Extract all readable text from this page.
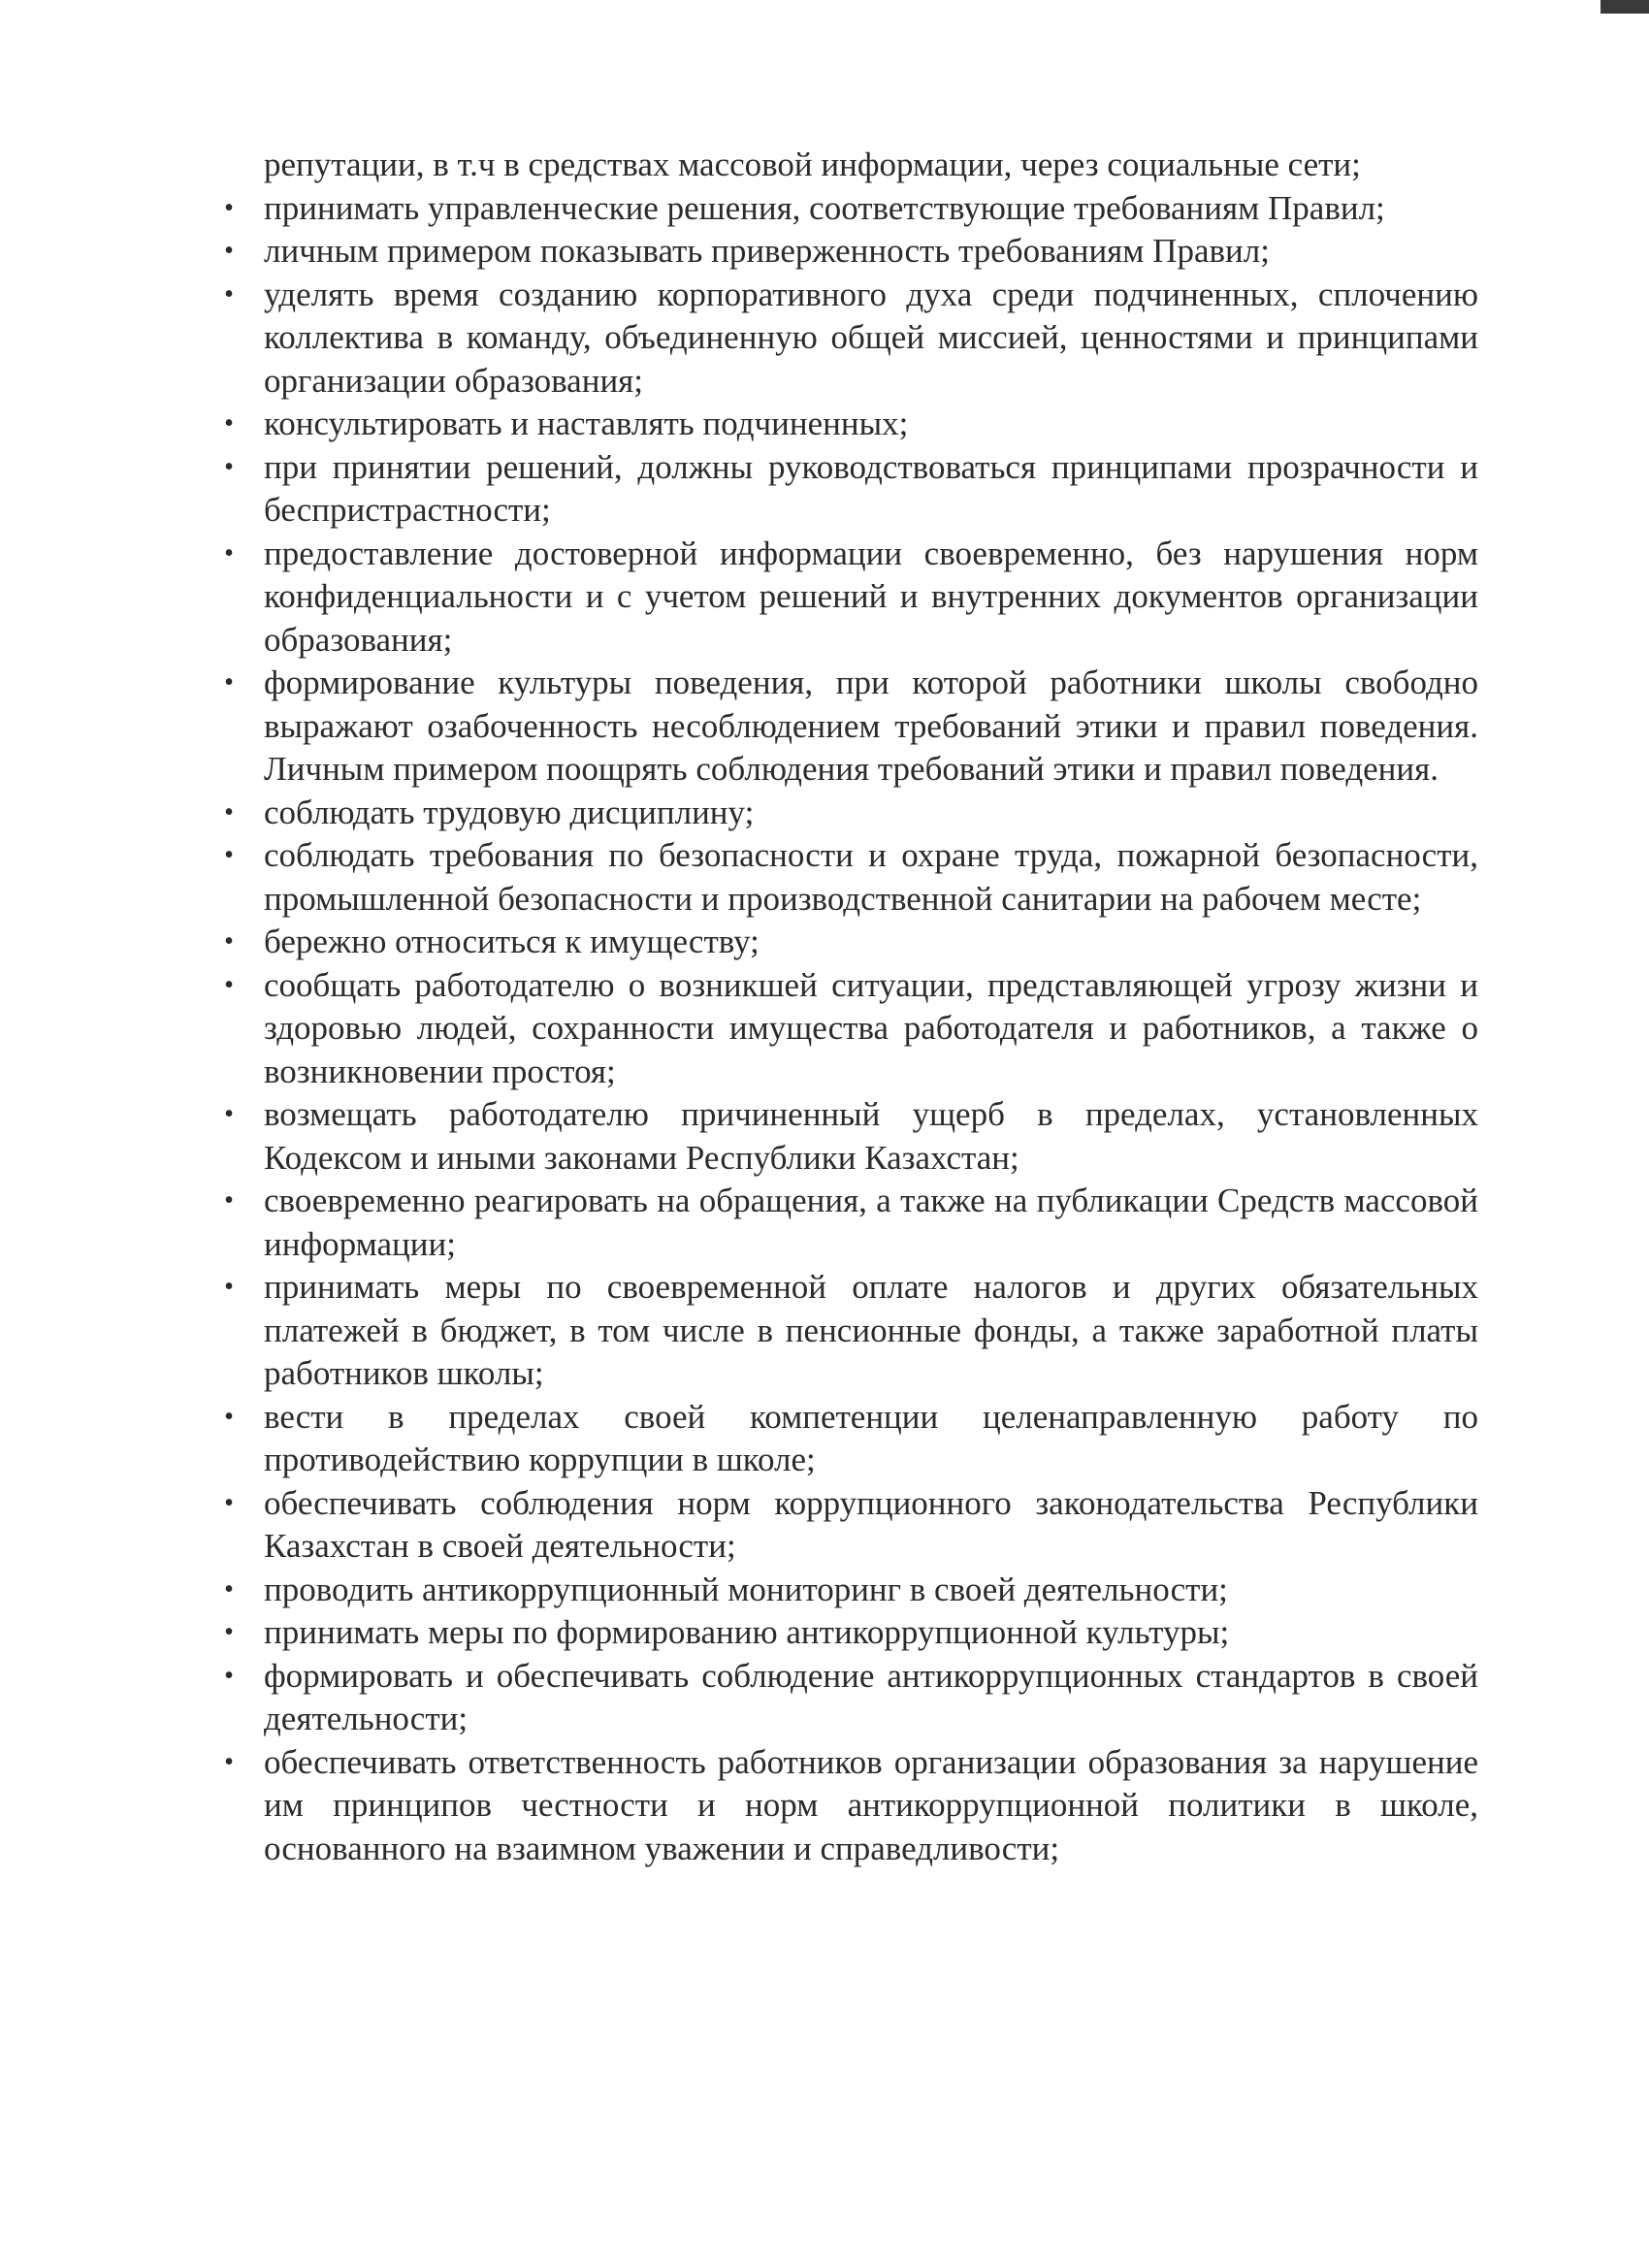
репутации, в т.ч в средствах массовой информации, через социальные сети;

• принимать управленческие решения, соответствующие требованиям Правил;
• личным примером показывать приверженность требованиям Правил;
• уделять время созданию корпоративного духа среди подчиненных, сплочению коллектива в команду, объединенную общей миссией, ценностями и принципами организации образования;
• консультировать и наставлять подчиненных;
• при принятии решений, должны руководствоваться принципами прозрачности и беспристрастности;
• предоставление достоверной информации своевременно, без нарушения норм конфиденциальности и с учетом решений и внутренних документов организации образования;
• формирование культуры поведения, при которой работники школы свободно выражают озабоченность несоблюдением требований этики и правил поведения. Личным примером поощрять соблюдения требований этики и правил поведения.
• соблюдать трудовую дисциплину;
• соблюдать требования по безопасности и охране труда, пожарной безопасности, промышленной безопасности и производственной санитарии на рабочем месте;
• бережно относиться к имуществу;
• сообщать работодателю о возникшей ситуации, представляющей угрозу жизни и здоровью людей, сохранности имущества работодателя и работников, а также о возникновении простоя;
• возмещать работодателю причиненный ущерб в пределах, установленных Кодексом и иными законами Республики Казахстан;
• своевременно реагировать на обращения, а также на публикации Средств массовой информации;
• принимать меры по своевременной оплате налогов и других обязательных платежей в бюджет, в том числе в пенсионные фонды, а также заработной платы работников школы;
• вести в пределах своей компетенции целенаправленную работу по противодействию коррупции в школе;
• обеспечивать соблюдения норм коррупционного законодательства Республики Казахстан в своей деятельности;
• проводить антикоррупционный мониторинг в своей деятельности;
• принимать меры по формированию антикоррупционной культуры;
• формировать и обеспечивать соблюдение антикоррупционных стандартов в своей деятельности;
• обеспечивать ответственность работников организации образования за нарушение им принципов честности и норм антикоррупционной политики в школе, основанного на взаимном уважении и справедливости;
